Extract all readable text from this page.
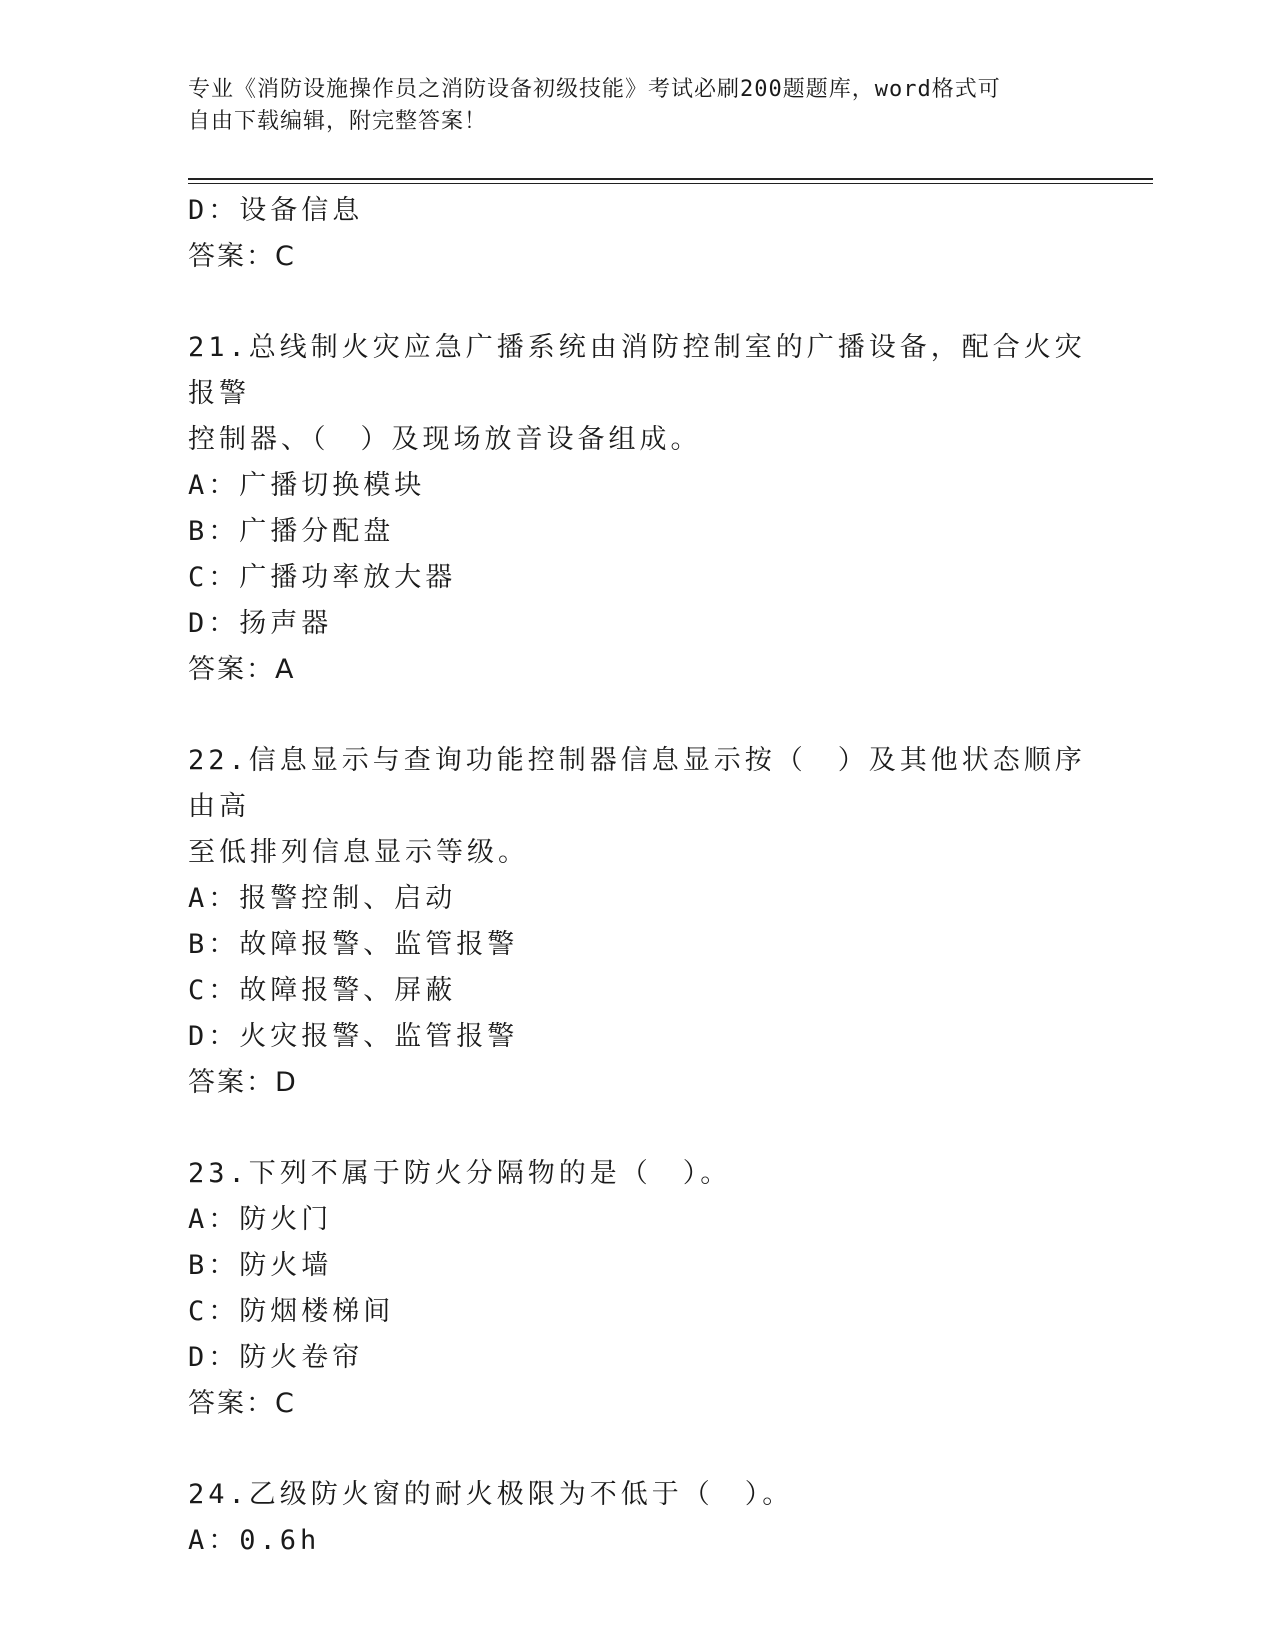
专业《消防设施操作员之消防设备初级技能》考试必刷200题题库，word格式可
自由下载编辑，附完整答案！
D：设备信息
答案：C
21.总线制火灾应急广播系统由消防控制室的广播设备，配合火灾报警
控制器、（　）及现场放音设备组成。
A：广播切换模块
B：广播分配盘
C：广播功率放大器
D：扬声器
答案：A
22.信息显示与查询功能控制器信息显示按（　）及其他状态顺序由高
至低排列信息显示等级。
A：报警控制、启动
B：故障报警、监管报警
C：故障报警、屏蔽
D：火灾报警、监管报警
答案：D
23.下列不属于防火分隔物的是（　）。
A：防火门
B：防火墙
C：防烟楼梯间
D：防火卷帘
答案：C
24.乙级防火窗的耐火极限为不低于（　）。
A：0.6h
